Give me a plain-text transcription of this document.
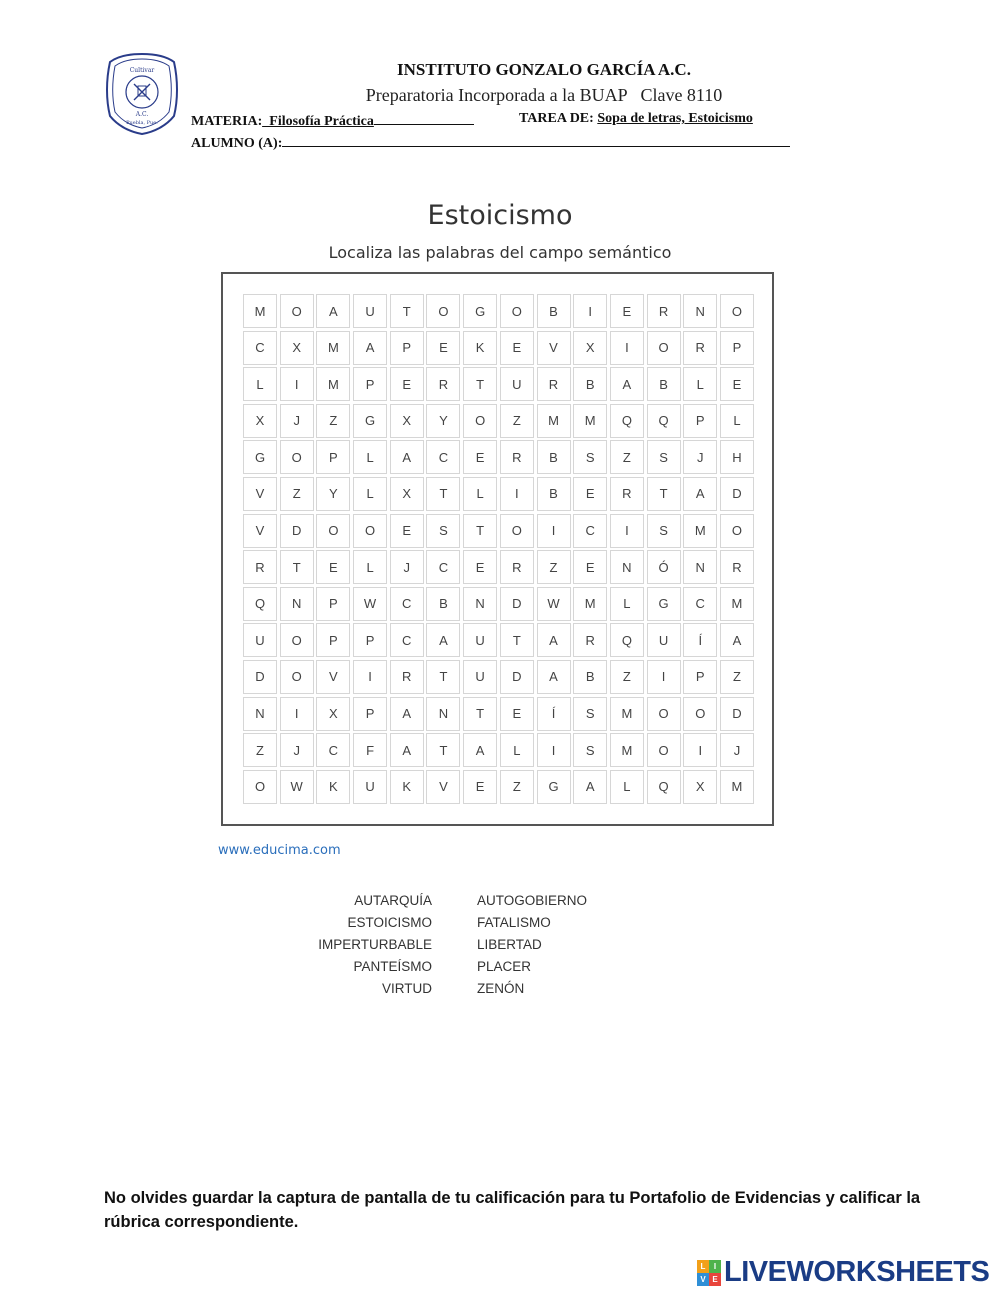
Cultivar
A.C.
Puebla, Pue.
INSTITUTO GONZALO GARCÍA A.C.
Preparatoria Incorporada a la BUAP   Clave 8110
MATERIA:_Filosofía Práctica	TAREA DE: Sopa de letras, Estoicismo
ALUMNO (A):
Estoicismo
Localiza las palabras del campo semántico
M	O	A	U	T	O	G	O	B	I	E	R	N	O
C	X	M	A	P	E	K	E	V	X	I	O	R	P
L	I	M	P	E	R	T	U	R	B	A	B	L	E
X	J	Z	G	X	Y	O	Z	M	M	Q	Q	P	L
G	O	P	L	A	C	E	R	B	S	Z	S	J	H
V	Z	Y	L	X	T	L	I	B	E	R	T	A	D
V	D	O	O	E	S	T	O	I	C	I	S	M	O
R	T	E	L	J	C	E	R	Z	E	N	Ó	N	R
Q	N	P	W	C	B	N	D	W	M	L	G	C	M
U	O	P	P	C	A	U	T	A	R	Q	U	Í	A
D	O	V	I	R	T	U	D	A	B	Z	I	P	Z
N	I	X	P	A	N	T	E	Í	S	M	O	O	D
Z	J	C	F	A	T	A	L	I	S	M	O	I	J
O	W	K	U	K	V	E	Z	G	A	L	Q	X	M
www.educima.com
AUTARQUÍA
ESTOICISMO
IMPERTURBABLE
PANTEÍSMO
VIRTUD
AUTOGOBIERNO
FATALISMO
LIBERTAD
PLACER
ZENÓN
No olvides guardar la captura de pantalla de tu calificación para tu Portafolio de Evidencias y calificar la rúbrica correspondiente.
L	I
V E LIVEWORKSHEETS
